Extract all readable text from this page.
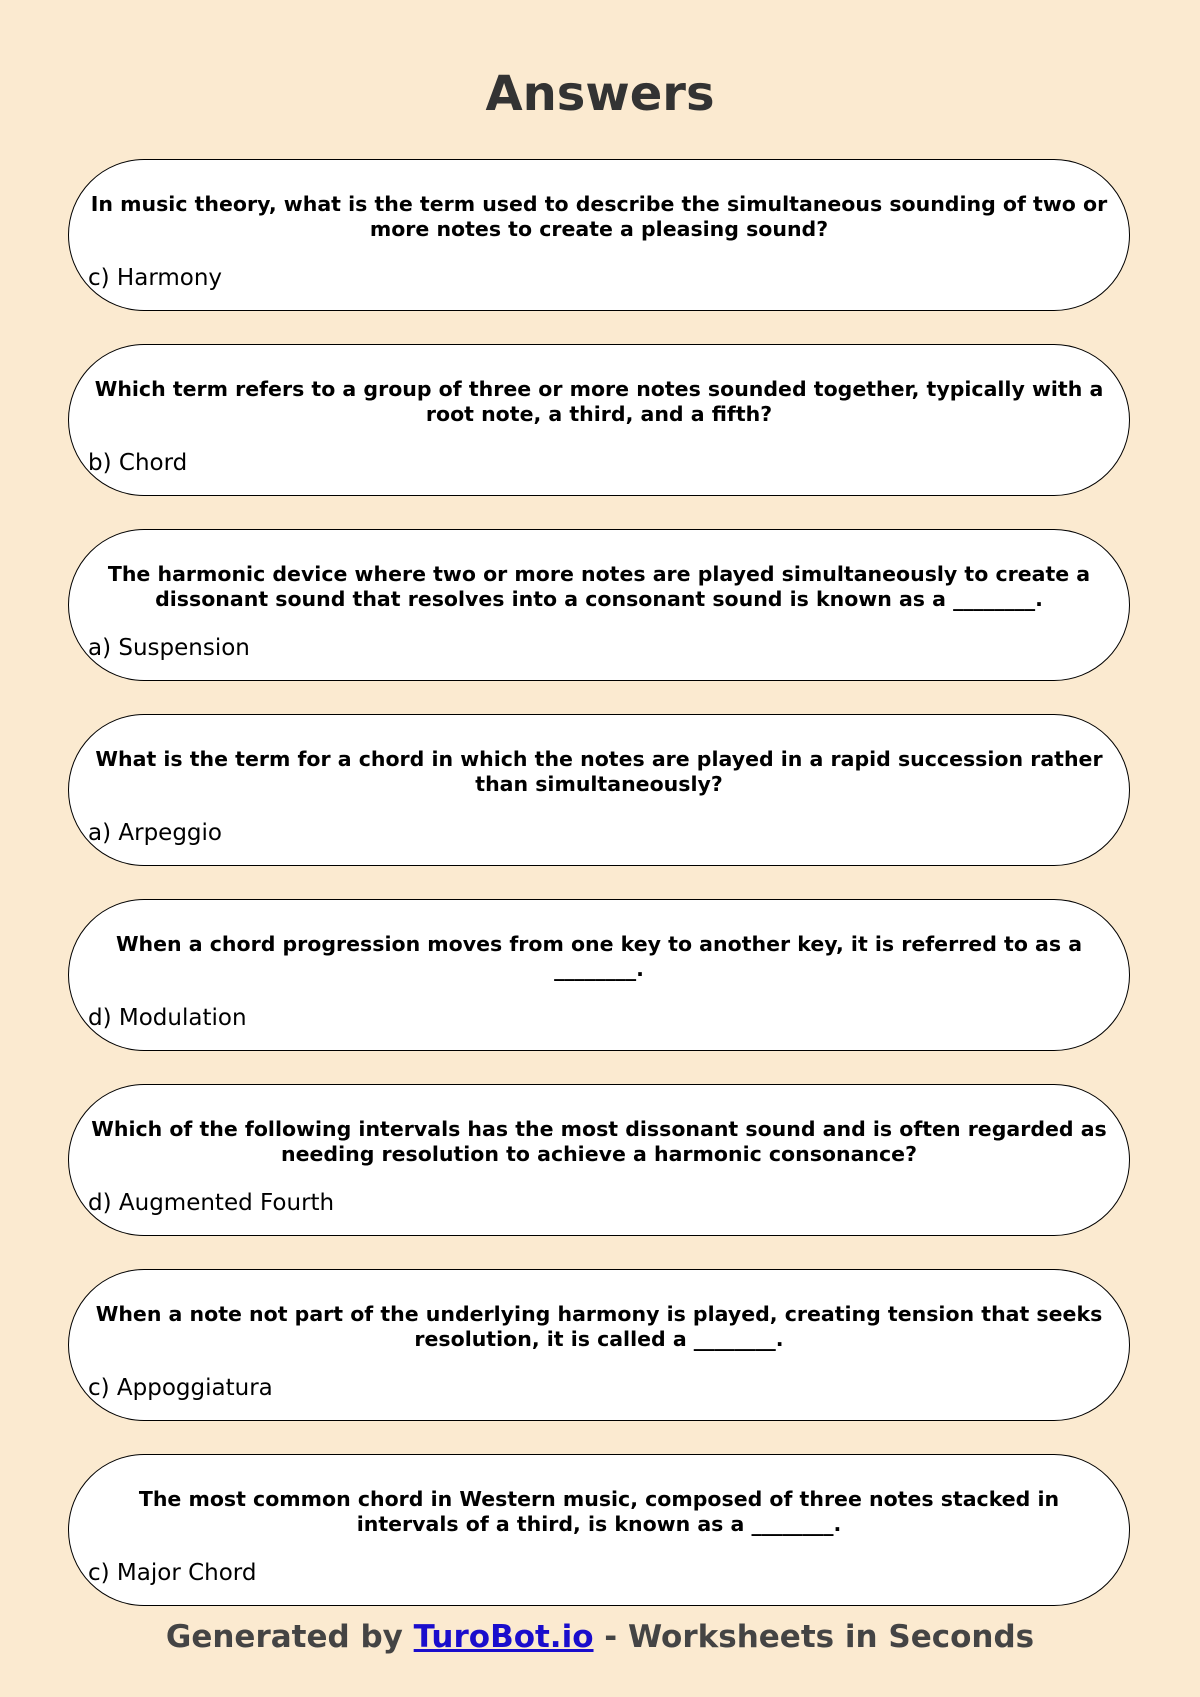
Answers
In music theory, what is the term used to describe the simultaneous sounding of two or more notes to create a pleasing sound?
c) Harmony
Which term refers to a group of three or more notes sounded together, typically with a root note, a third, and a fifth?
b) Chord
The harmonic device where two or more notes are played simultaneously to create a dissonant sound that resolves into a consonant sound is known as a ________.
a) Suspension
What is the term for a chord in which the notes are played in a rapid succession rather than simultaneously?
a) Arpeggio
When a chord progression moves from one key to another key, it is referred to as a ________.
d) Modulation
Which of the following intervals has the most dissonant sound and is often regarded as needing resolution to achieve a harmonic consonance?
d) Augmented Fourth
When a note not part of the underlying harmony is played, creating tension that seeks resolution, it is called a ________.
c) Appoggiatura
The most common chord in Western music, composed of three notes stacked in intervals of a third, is known as a ________.
c) Major Chord
Generated by TuroBot.io - Worksheets in Seconds
